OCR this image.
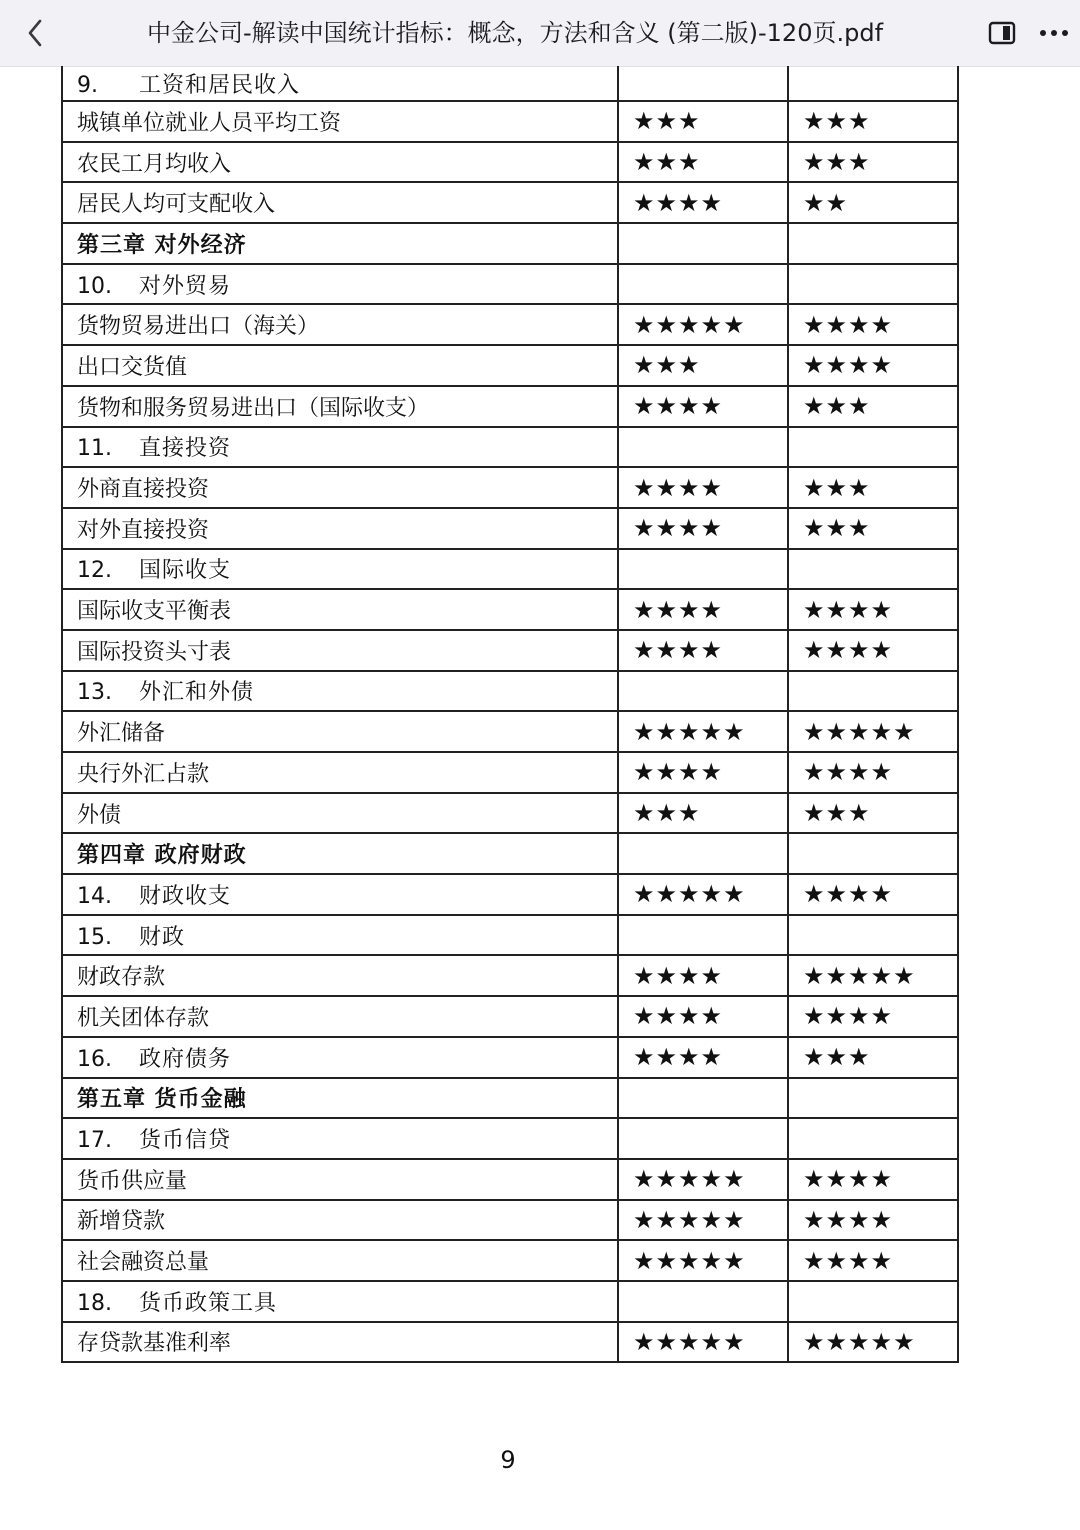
中金公司-解读中国统计指标：概念，方法和含义 (第二版)-120页.pdf
9. 工资和居民收入		
城镇单位就业人员平均工资	★★★	★★★
农民工月均收入	★★★	★★★
居民人均可支配收入	★★★★	★★
第三章 对外经济		
10. 对外贸易		
货物贸易进出口（海关）	★★★★★	★★★★
出口交货值	★★★	★★★★
货物和服务贸易进出口（国际收支）	★★★★	★★★
11. 直接投资		
外商直接投资	★★★★	★★★
对外直接投资	★★★★	★★★
12. 国际收支		
国际收支平衡表	★★★★	★★★★
国际投资头寸表	★★★★	★★★★
13. 外汇和外债		
外汇储备	★★★★★	★★★★★
央行外汇占款	★★★★	★★★★
外债	★★★	★★★
第四章 政府财政		
14. 财政收支	★★★★★	★★★★
15. 财政		
财政存款	★★★★	★★★★★
机关团体存款	★★★★	★★★★
16. 政府债务	★★★★	★★★
第五章 货币金融		
17. 货币信贷		
货币供应量	★★★★★	★★★★
新增贷款	★★★★★	★★★★
社会融资总量	★★★★★	★★★★
18. 货币政策工具		
存贷款基准利率	★★★★★	★★★★★
9
